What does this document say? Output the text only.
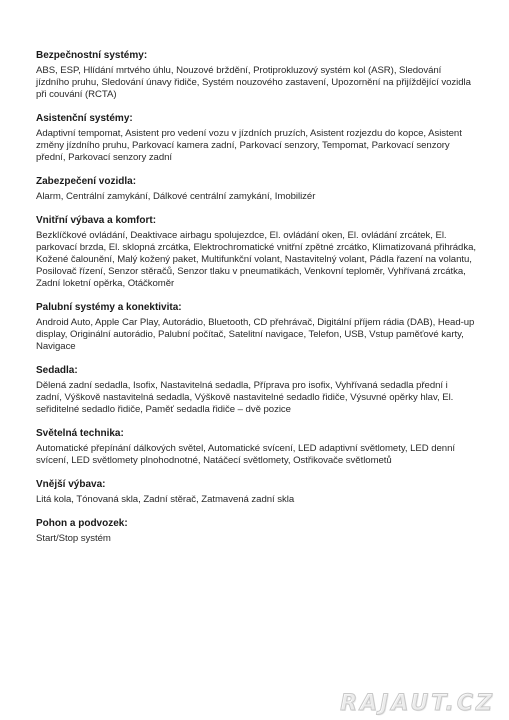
Bezpečnostní systémy:

ABS, ESP, Hlídání mrtvého úhlu, Nouzové brždění, Protiprokluzový systém kol (ASR), Sledování jízdního pruhu, Sledování únavy řidiče, Systém nouzového zastavení, Upozornění na přijíždějící vozidla při couvání (RCTA)

Asistenční systémy:

Adaptivní tempomat, Asistent pro vedení vozu v jízdních pruzích, Asistent rozjezdu do kopce, Asistent změny jízdního pruhu, Parkovací kamera zadní, Parkovací senzory, Tempomat, Parkovací senzory přední, Parkovací senzory zadní

Zabezpečení vozidla:

Alarm, Centrální zamykání, Dálkové centrální zamykání, Imobilizér

Vnitřní výbava a komfort:

Bezklíčkové ovládání, Deaktivace airbagu spolujezdce, El. ovládání oken, El. ovládání zrcátek, El. parkovací brzda, El. sklopná zrcátka, Elektrochromatické vnitřní zpětné zrcátko, Klimatizovaná přihrádka, Kožené čalounění, Malý kožený paket, Multifunkční volant, Nastavitelný volant, Pádla řazení na volantu, Posilovač řízení, Senzor stěračů, Senzor tlaku v pneumatikách, Venkovní teploměr, Vyhřívaná zrcátka, Zadní loketní opěrka, Otáčkoměr

Palubní systémy a konektivita:

Android Auto, Apple Car Play, Autorádio, Bluetooth, CD přehrávač, Digitální příjem rádia (DAB), Head-up display, Originální autorádio, Palubní počítač, Satelitní navigace, Telefon, USB, Vstup paměťové karty, Navigace

Sedadla:

Dělená zadní sedadla, Isofix, Nastavitelná sedadla, Příprava pro isofix, Vyhřívaná sedadla přední i zadní, Výškově nastavitelná sedadla, Výškově nastavitelné sedadlo řidiče, Výsuvné opěrky hlav, El. seřiditelné sedadlo řidiče, Paměť sedadla řidiče – dvě pozice

Světelná technika:

Automatické přepínání dálkových světel, Automatické svícení, LED adaptivní světlomety, LED denní svícení, LED světlomety plnohodnotné, Natáčecí světlomety, Ostřikovače světlometů

Vnější výbava:

Litá kola, Tónovaná skla, Zadní stěrač, Zatmavená zadní skla

Pohon a podvozek:

Start/Stop systém

RAJAUT.CZ
